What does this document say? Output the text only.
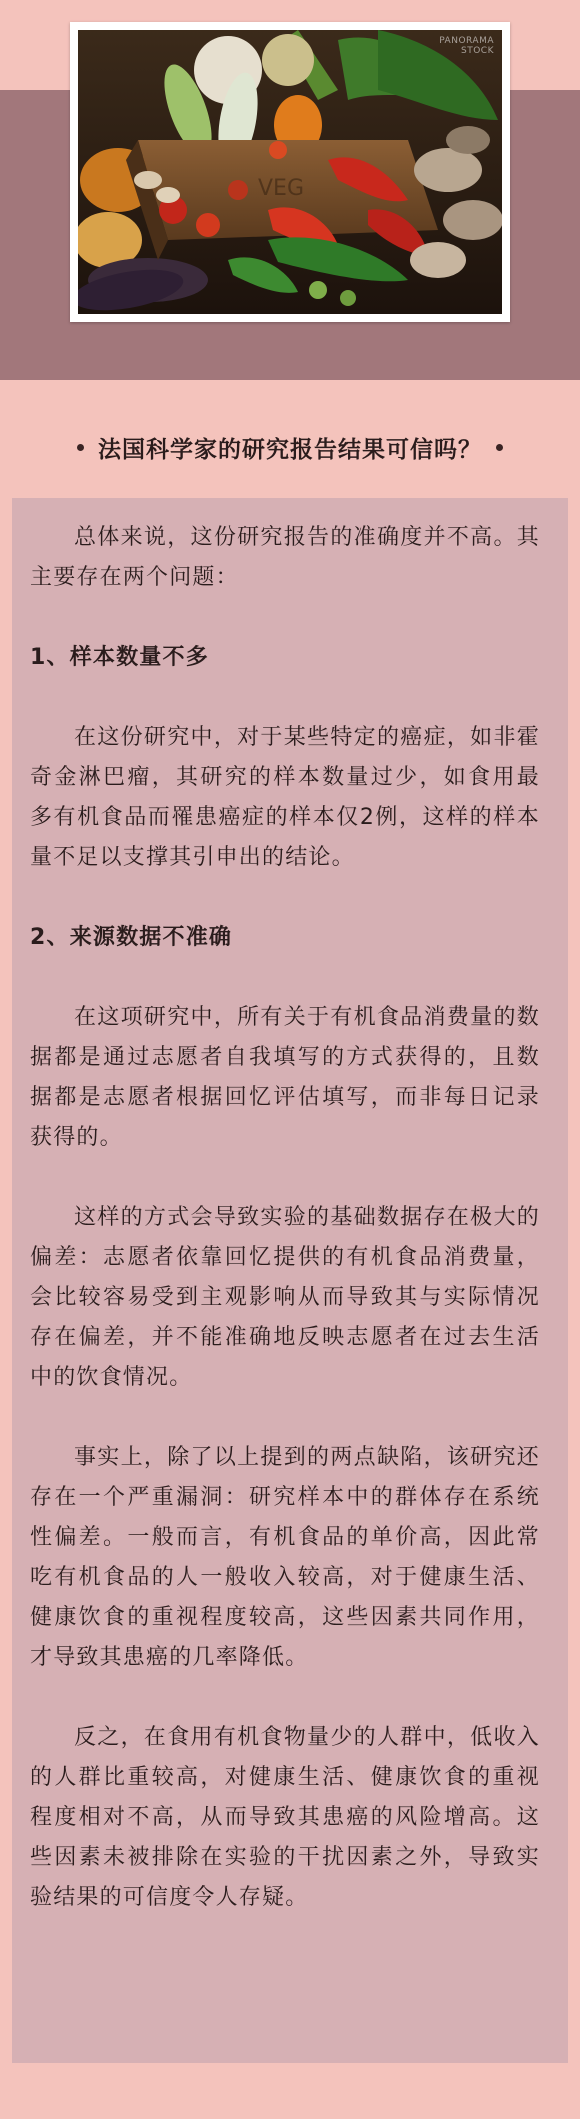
VEG
PANORAMA
STOCK
法国科学家的研究报告结果可信吗？

总体来说，这份研究报告的准确度并不高。其主要存在两个问题：

1、样本数量不多

在这份研究中，对于某些特定的癌症，如非霍奇金淋巴瘤，其研究的样本数量过少，如食用最多有机食品而罹患癌症的样本仅2例，这样的样本量不足以支撑其引申出的结论。

2、来源数据不准确

在这项研究中，所有关于有机食品消费量的数据都是通过志愿者自我填写的方式获得的，且数据都是志愿者根据回忆评估填写，而非每日记录获得的。

这样的方式会导致实验的基础数据存在极大的偏差：志愿者依靠回忆提供的有机食品消费量，会比较容易受到主观影响从而导致其与实际情况存在偏差，并不能准确地反映志愿者在过去生活中的饮食情况。

事实上，除了以上提到的两点缺陷，该研究还存在一个严重漏洞：研究样本中的群体存在系统性偏差。一般而言，有机食品的单价高，因此常吃有机食品的人一般收入较高，对于健康生活、健康饮食的重视程度较高，这些因素共同作用，才导致其患癌的几率降低。

反之，在食用有机食物量少的人群中，低收入的人群比重较高，对健康生活、健康饮食的重视程度相对不高，从而导致其患癌的风险增高。这些因素未被排除在实验的干扰因素之外，导致实验结果的可信度令人存疑。
